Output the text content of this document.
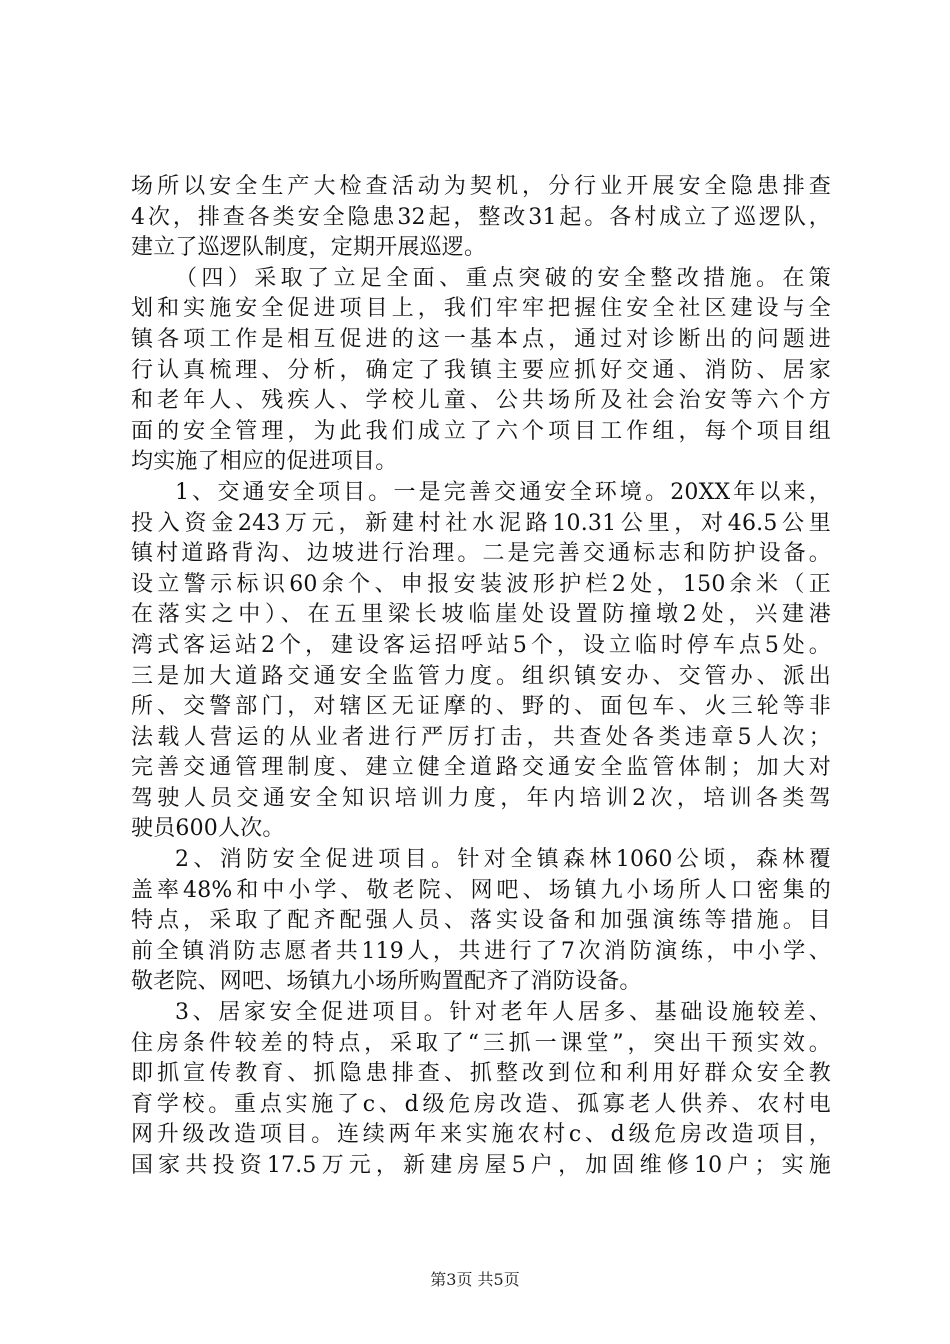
场所以安全生产大检查活动为契机，分行业开展安全隐患排查
4次，排查各类安全隐患32起，整改31起。各村成立了巡逻队，
建立了巡逻队制度，定期开展巡逻。
（四）采取了立足全面、重点突破的安全整改措施。在策
划和实施安全促进项目上，我们牢牢把握住安全社区建设与全
镇各项工作是相互促进的这一基本点，通过对诊断出的问题进
行认真梳理、分析，确定了我镇主要应抓好交通、消防、居家
和老年人、残疾人、学校儿童、公共场所及社会治安等六个方
面的安全管理，为此我们成立了六个项目工作组，每个项目组
均实施了相应的促进项目。
1、交通安全项目。一是完善交通安全环境。20XX年以来，
投入资金243万元，新建村社水泥路10.31公里，对46.5公里
镇村道路背沟、边坡进行治理。二是完善交通标志和防护设备。
设立警示标识60余个、申报安装波形护栏2处，150余米（正
在落实之中）、在五里梁长坡临崖处设置防撞墩2处，兴建港
湾式客运站2个，建设客运招呼站5个，设立临时停车点5处。
三是加大道路交通安全监管力度。组织镇安办、交管办、派出
所、交警部门，对辖区无证摩的、野的、面包车、火三轮等非
法载人营运的从业者进行严厉打击，共查处各类违章5人次；
完善交通管理制度、建立健全道路交通安全监管体制；加大对
驾驶人员交通安全知识培训力度，年内培训2次，培训各类驾
驶员600人次。
2、消防安全促进项目。针对全镇森林1060公顷，森林覆
盖率48%和中小学、敬老院、网吧、场镇九小场所人口密集的
特点，采取了配齐配强人员、落实设备和加强演练等措施。目
前全镇消防志愿者共119人，共进行了7次消防演练，中小学、
敬老院、网吧、场镇九小场所购置配齐了消防设备。
3、居家安全促进项目。针对老年人居多、基础设施较差、
住房条件较差的特点，采取了“三抓一课堂”，突出干预实效。
即抓宣传教育、抓隐患排查、抓整改到位和利用好群众安全教
育学校。重点实施了c、d级危房改造、孤寡老人供养、农村电
网升级改造项目。连续两年来实施农村c、d级危房改造项目，
国家共投资17.5万元，新建房屋5户，加固维修10户；实施
第3页 共5页
